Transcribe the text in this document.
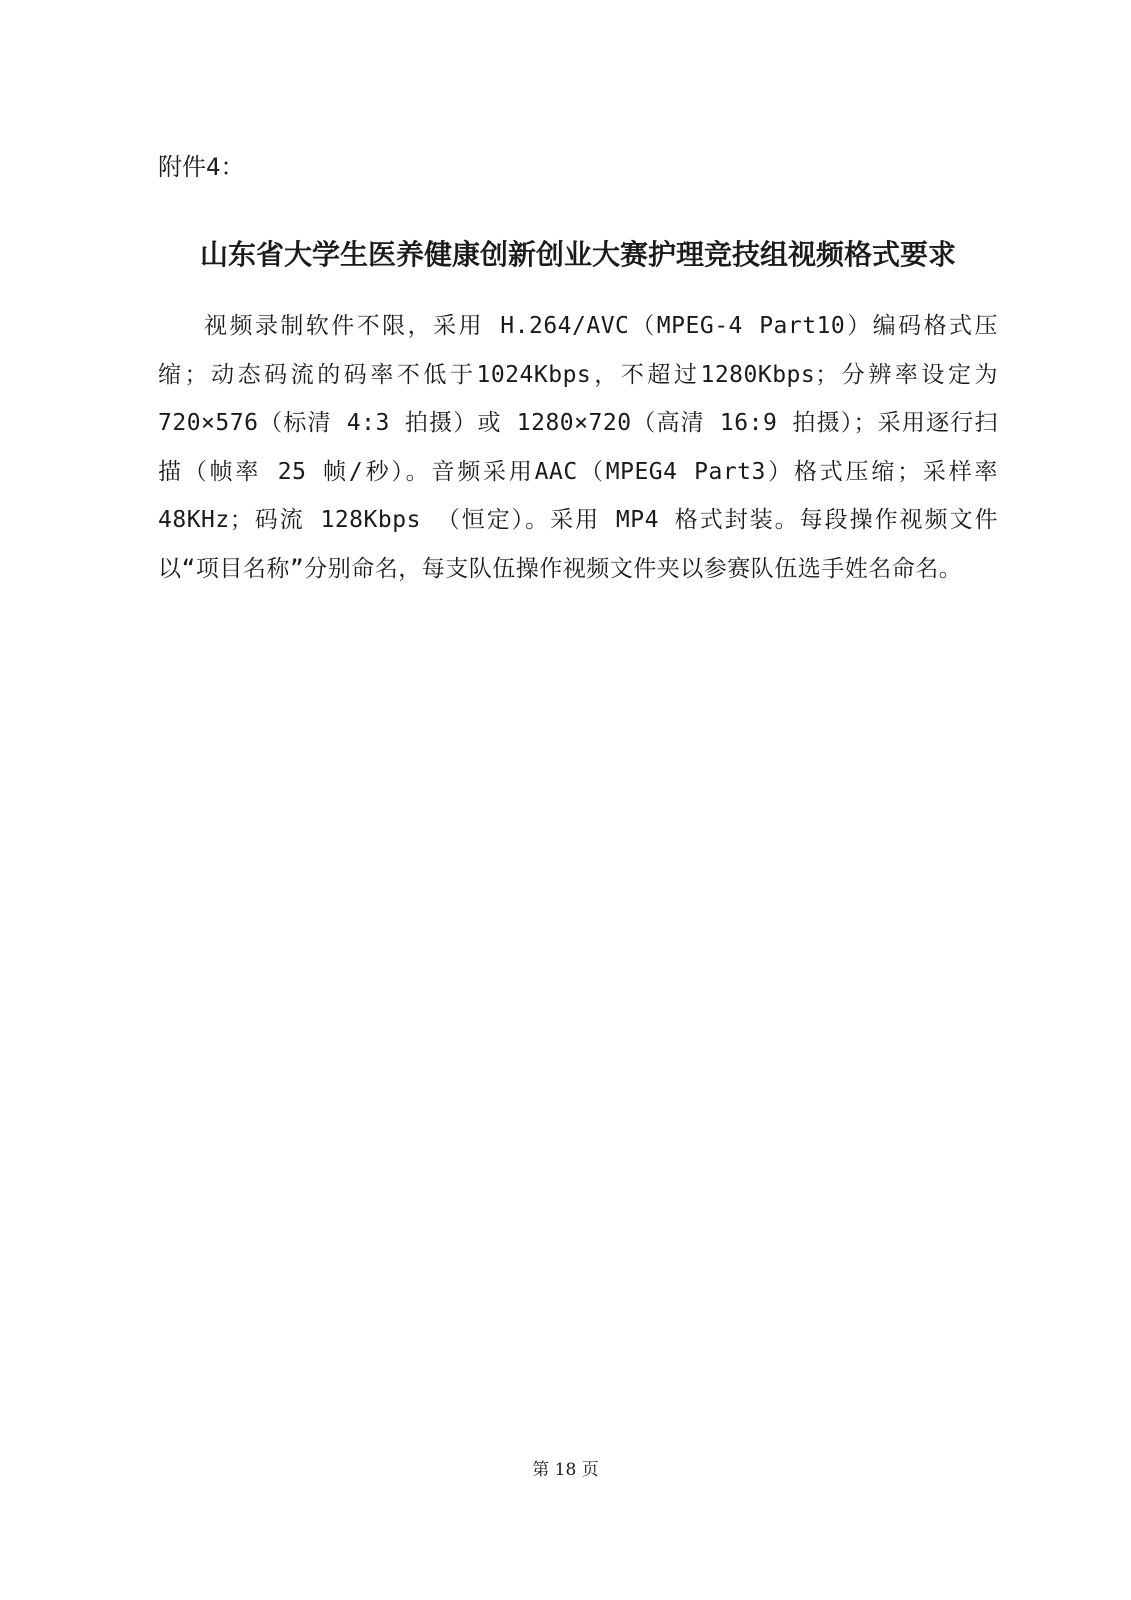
附件4：
山东省大学生医养健康创新创业大赛护理竞技组视频格式要求

视频录制软件不限，采用 H.264/AVC（MPEG-4 Part10）编码格式压缩；动态码流的码率不低于1024Kbps，不超过1280Kbps；分辨率设定为720×576（标清 4:3 拍摄）或 1280×720（高清 16:9 拍摄）；采用逐行扫描（帧率 25 帧/秒）。音频采用AAC（MPEG4 Part3）格式压缩；采样率 48KHz；码流 128Kbps （恒定）。采用 MP4 格式封装。每段操作视频文件以“项目名称”分别命名，每支队伍操作视频文件夹以参赛队伍选手姓名命名。

第 18 页
